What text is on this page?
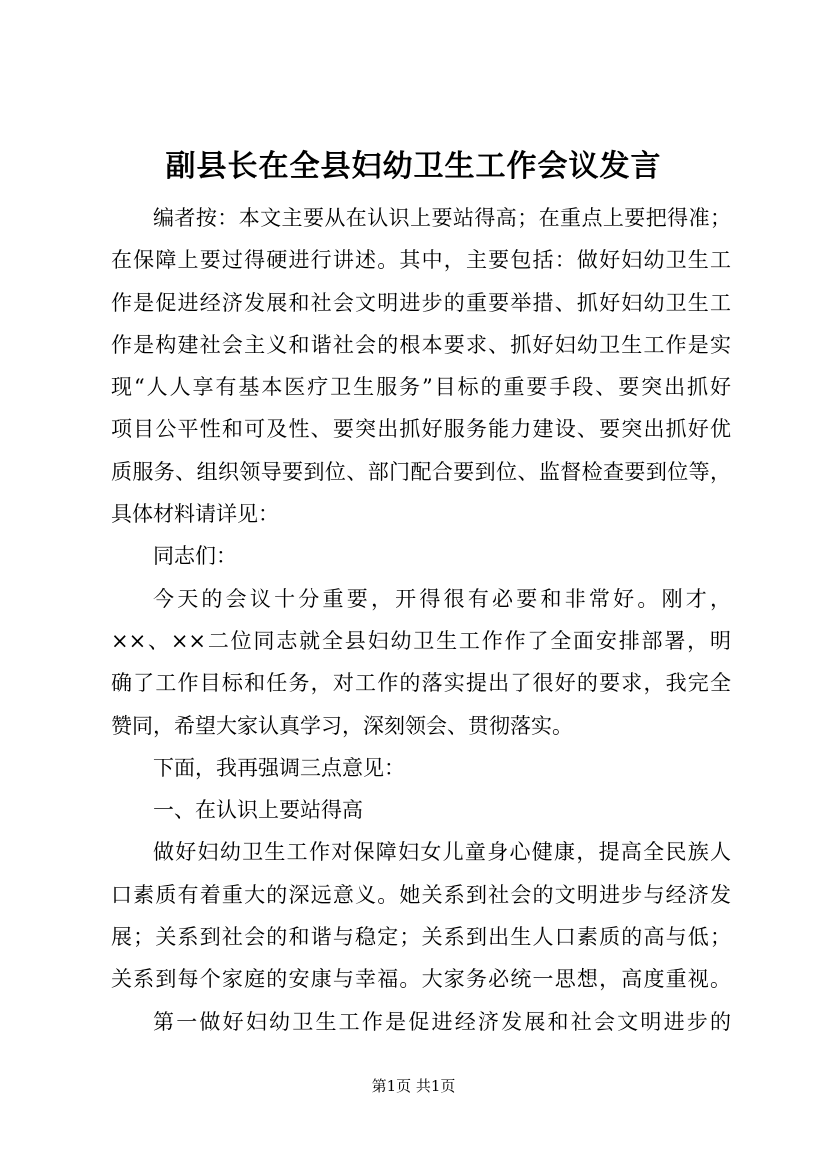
副县长在全县妇幼卫生工作会议发言
编者按：本文主要从在认识上要站得高；在重点上要把得准；
在保障上要过得硬进行讲述。其中，主要包括：做好妇幼卫生工
作是促进经济发展和社会文明进步的重要举措、抓好妇幼卫生工
作是构建社会主义和谐社会的根本要求、抓好妇幼卫生工作是实
现“人人享有基本医疗卫生服务”目标的重要手段、要突出抓好
项目公平性和可及性、要突出抓好服务能力建设、要突出抓好优
质服务、组织领导要到位、部门配合要到位、监督检查要到位等，
具体材料请详见：
同志们：
今天的会议十分重要，开得很有必要和非常好。刚才，
××、××二位同志就全县妇幼卫生工作作了全面安排部署，明
确了工作目标和任务，对工作的落实提出了很好的要求，我完全
赞同，希望大家认真学习，深刻领会、贯彻落实。
下面，我再强调三点意见：
一、在认识上要站得高
做好妇幼卫生工作对保障妇女儿童身心健康，提高全民族人
口素质有着重大的深远意义。她关系到社会的文明进步与经济发
展；关系到社会的和谐与稳定；关系到出生人口素质的高与低；
关系到每个家庭的安康与幸福。大家务必统一思想，高度重视。
第一做好妇幼卫生工作是促进经济发展和社会文明进步的
第1页 共1页
